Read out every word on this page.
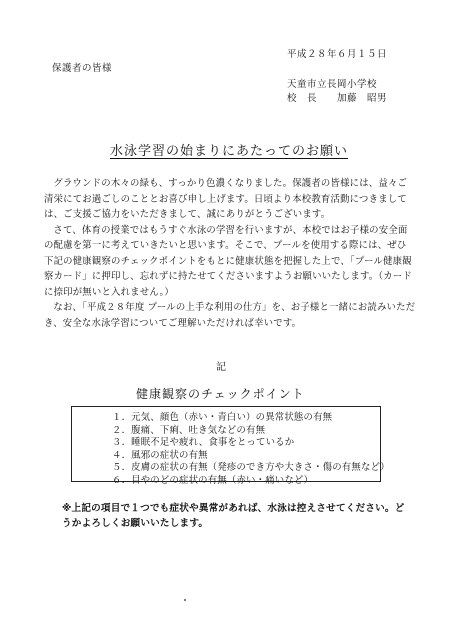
平成２８年６月１５日
保護者の皆様
天童市立長岡小学校
校　長　　加藤　昭男
水泳学習の始まりにあたってのお願い

グラウンドの木々の緑も、すっかり色濃くなりました。保護者の皆様には、益々ご清栄にてお過ごしのこととお喜び申し上げます。日頃より本校教育活動につきましては、ご支援ご協力をいただきまして、誠にありがとうございます。

さて、体育の授業ではもうすぐ水泳の学習を行いますが、本校ではお子様の安全面の配慮を第一に考えていきたいと思います。そこで、プールを使用する際には、ぜひ下記の健康観察のチェックポイントをもとに健康状態を把握した上で、「プール健康観察カード」に押印し、忘れずに持たせてくださいますようお願いいたします。（カードに捺印が無いと入れません。）

なお、「平成２８年度 プールの上手な利用の仕方」を、お子様と一緒にお読みいただき、安全な水泳学習についてご理解いただければ幸いです。

記
健康観察のチェックポイント
１．元気、顔色（赤い・青白い）の異常状態の有無
２．腹痛、下痢、吐き気などの有無
３．睡眠不足や疲れ、食事をとっているか
４．風邪の症状の有無
５．皮膚の症状の有無（発疹のでき方や大きさ・傷の有無など）
６．目やのどの症状の有無（赤い・痛いなど）
※上記の項目で１つでも症状や異常があれば、水泳は控えさせてください。どうかよろしくお願いいたします。
